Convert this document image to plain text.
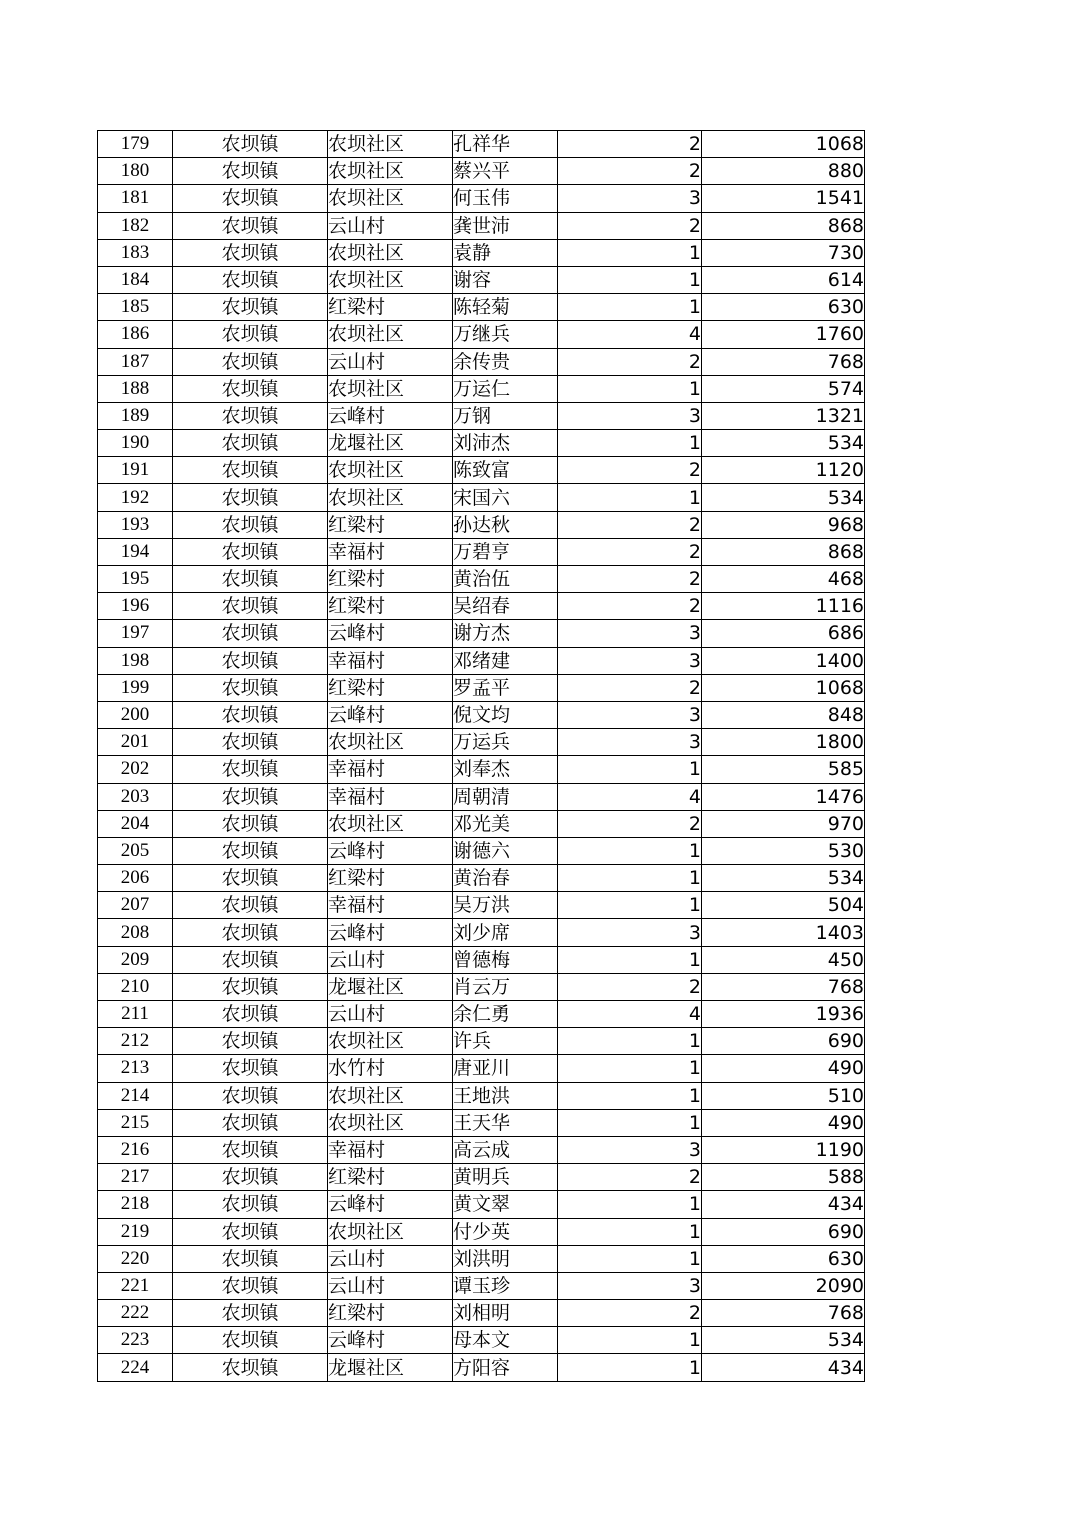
179	农坝镇	农坝社区	孔祥华	2	1068
180	农坝镇	农坝社区	蔡兴平	2	880
181	农坝镇	农坝社区	何玉伟	3	1541
182	农坝镇	云山村	龚世沛	2	868
183	农坝镇	农坝社区	袁静	1	730
184	农坝镇	农坝社区	谢容	1	614
185	农坝镇	红梁村	陈轻菊	1	630
186	农坝镇	农坝社区	万继兵	4	1760
187	农坝镇	云山村	余传贵	2	768
188	农坝镇	农坝社区	万运仁	1	574
189	农坝镇	云峰村	万钢	3	1321
190	农坝镇	龙堰社区	刘沛杰	1	534
191	农坝镇	农坝社区	陈致富	2	1120
192	农坝镇	农坝社区	宋国六	1	534
193	农坝镇	红梁村	孙达秋	2	968
194	农坝镇	幸福村	万碧亨	2	868
195	农坝镇	红梁村	黄治伍	2	468
196	农坝镇	红梁村	吴绍春	2	1116
197	农坝镇	云峰村	谢方杰	3	686
198	农坝镇	幸福村	邓绪建	3	1400
199	农坝镇	红梁村	罗孟平	2	1068
200	农坝镇	云峰村	倪文均	3	848
201	农坝镇	农坝社区	万运兵	3	1800
202	农坝镇	幸福村	刘奉杰	1	585
203	农坝镇	幸福村	周朝清	4	1476
204	农坝镇	农坝社区	邓光美	2	970
205	农坝镇	云峰村	谢德六	1	530
206	农坝镇	红梁村	黄治春	1	534
207	农坝镇	幸福村	吴万洪	1	504
208	农坝镇	云峰村	刘少席	3	1403
209	农坝镇	云山村	曾德梅	1	450
210	农坝镇	龙堰社区	肖云万	2	768
211	农坝镇	云山村	余仁勇	4	1936
212	农坝镇	农坝社区	许兵	1	690
213	农坝镇	水竹村	唐亚川	1	490
214	农坝镇	农坝社区	王地洪	1	510
215	农坝镇	农坝社区	王天华	1	490
216	农坝镇	幸福村	高云成	3	1190
217	农坝镇	红梁村	黄明兵	2	588
218	农坝镇	云峰村	黄文翠	1	434
219	农坝镇	农坝社区	付少英	1	690
220	农坝镇	云山村	刘洪明	1	630
221	农坝镇	云山村	谭玉珍	3	2090
222	农坝镇	红梁村	刘相明	2	768
223	农坝镇	云峰村	母本文	1	534
224	农坝镇	龙堰社区	方阳容	1	434
